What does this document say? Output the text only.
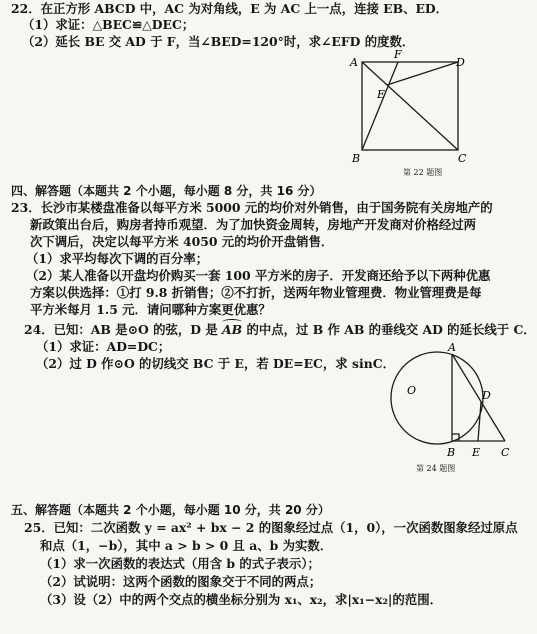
22．在正方形 ABCD 中，AC 为对角线，E 为 AC 上一点，连接 EB、ED．
（1）求证：△BEC≌△DEC；
（2）延长 BE 交 AD 于 F，当∠BED=120°时，求∠EFD 的度数．
A
F
D
E
B	C
第 22 题图
四、解答题（本题共 2 个小题，每小题 8 分，共 16 分）
23．长沙市某楼盘准备以每平方米 5000 元的均价对外销售，由于国务院有关房地产的
新政策出台后，购房者持币观望．为了加快资金周转，房地产开发商对价格经过两
次下调后，决定以每平方米 4050 元的均价开盘销售．
（1）求平均每次下调的百分率；
（2）某人准备以开盘均价购买一套 100 平方米的房子．开发商还给予以下两种优惠
方案以供选择：①打 9.8 折销售；②不打折，送两年物业管理费．物业管理费是每
平方米每月 1.5 元．请问哪种方案更优惠？
24．已知：AB 是⊙O 的弦，D 是 AB 的中点，过 B 作 AB 的垂线交 AD 的延长线于 C．
（1）求证：AD=DC；
（2）过 D 作⊙O 的切线交 BC 于 E，若 DE=EC，求 sinC．
A
O	D
B E C
第 24 题图
五、解答题（本题共 2 个小题，每小题 10 分，共 20 分）
25．已知：二次函数 y = ax² + bx − 2 的图象经过点（1，0），一次函数图象经过原点
和点（1，−b），其中 a > b > 0 且 a、b 为实数．
（1）求一次函数的表达式（用含 b 的式子表示）；
（2）试说明：这两个函数的图象交于不同的两点；
（3）设（2）中的两个交点的横坐标分别为 x₁、x₂，求|x₁−x₂|的范围．
